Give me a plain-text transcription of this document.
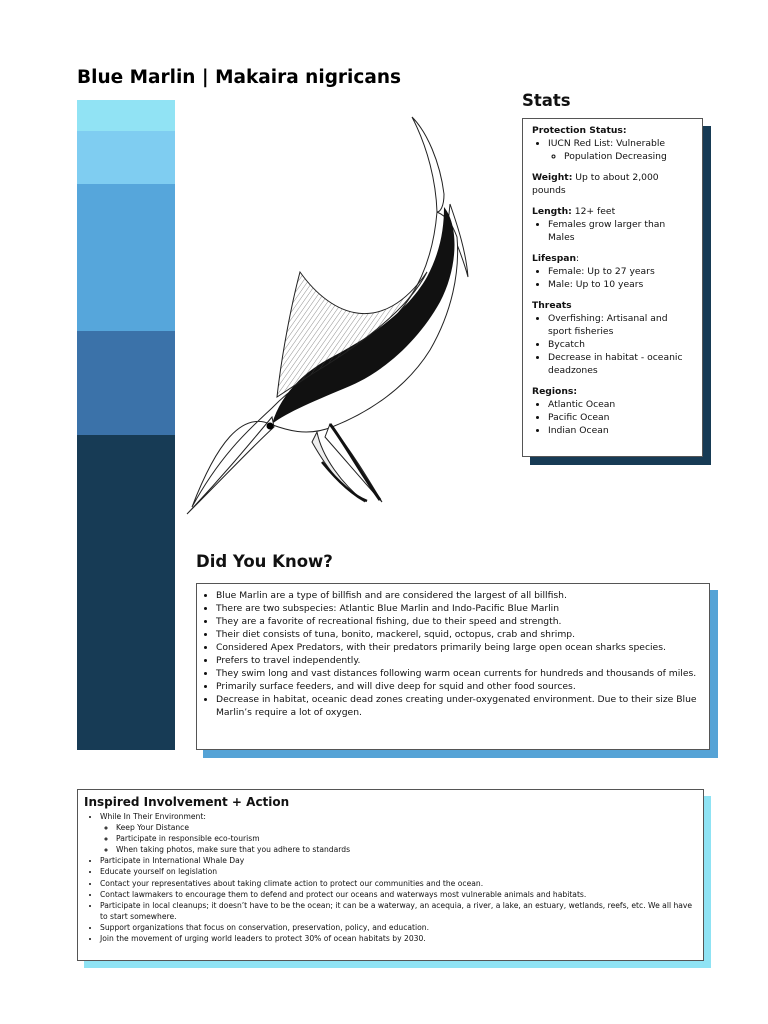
Blue Marlin | Makaira nigricans
Stats
Protection Status:
• IUCN Red List: Vulnerable
◦ Population Decreasing
Weight: Up to about 2,000 pounds
Length: 12+ feet
• Females grow larger than Males
Lifespan:
• Female: Up to 27 years
• Male: Up to 10 years
Threats
• Overfishing: Artisanal and sport fisheries
• Bycatch
• Decrease in habitat - oceanic deadzones
Regions:
• Atlantic Ocean
• Pacific Ocean
• Indian Ocean
Did You Know?
• Blue Marlin are a type of billfish and are considered the largest of all billfish.
• There are two subspecies: Atlantic Blue Marlin and Indo-Pacific Blue Marlin
• They are a favorite of recreational fishing, due to their speed and strength.
• Their diet consists of tuna, bonito, mackerel, squid, octopus, crab and shrimp.
• Considered Apex Predators, with their predators primarily being large open ocean sharks species.
• Prefers to travel independently.
• They swim long and vast distances following warm ocean currents for hundreds and thousands of miles.
• Primarily surface feeders, and will dive deep for squid and other food sources.
• Decrease in habitat, oceanic dead zones creating under-oxygenated environment. Due to their size Blue Marlin’s require a lot of oxygen.
Inspired Involvement + Action
• While In Their Environment:
◦ Keep Your Distance
◦ Participate in responsible eco-tourism
◦ When taking photos, make sure that you adhere to standards
• Participate in International Whale Day
• Educate yourself on legislation
• Contact your representatives about taking climate action to protect our communities and the ocean.
• Contact lawmakers to encourage them to defend and protect our oceans and waterways most vulnerable animals and habitats.
• Participate in local cleanups; it doesn’t have to be the ocean; it can be a waterway, an acequia, a river, a lake, an estuary, wetlands, reefs, etc. We all have to start somewhere.
• Support organizations that focus on conservation, preservation, policy, and education.
• Join the movement of urging world leaders to protect 30% of ocean habitats by 2030.
